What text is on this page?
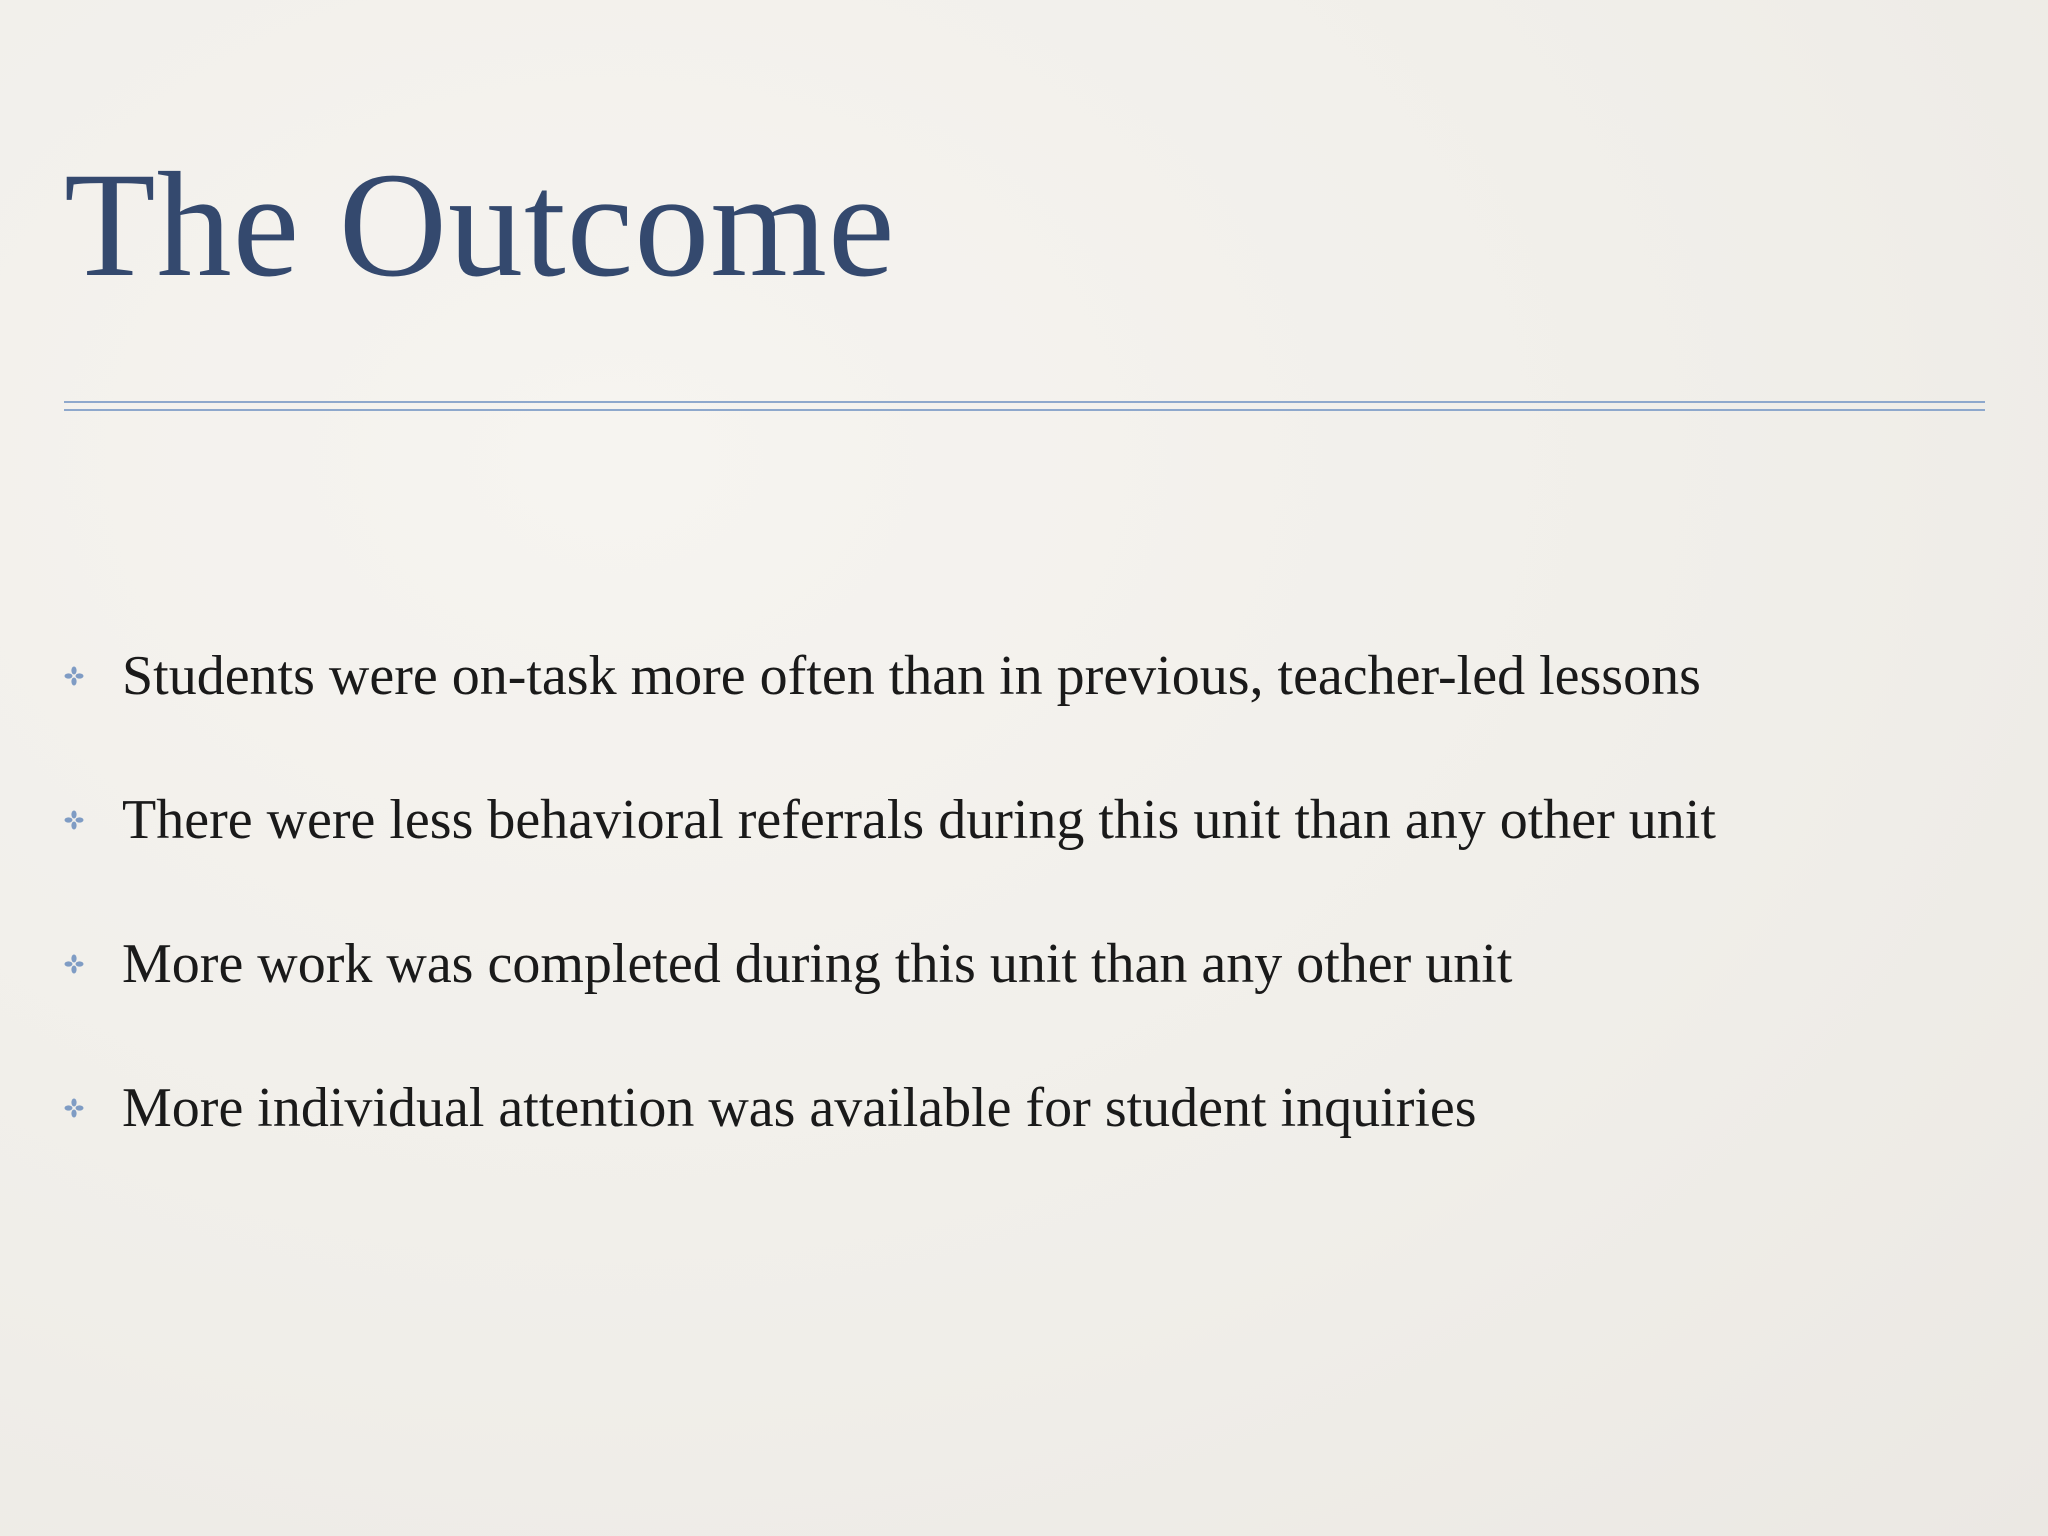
The Outcome
Students were on-task more often than in previous, teacher-led lessons
There were less behavioral referrals during this unit than any other unit
More work was completed during this unit than any other unit
More individual attention was available for student inquiries
